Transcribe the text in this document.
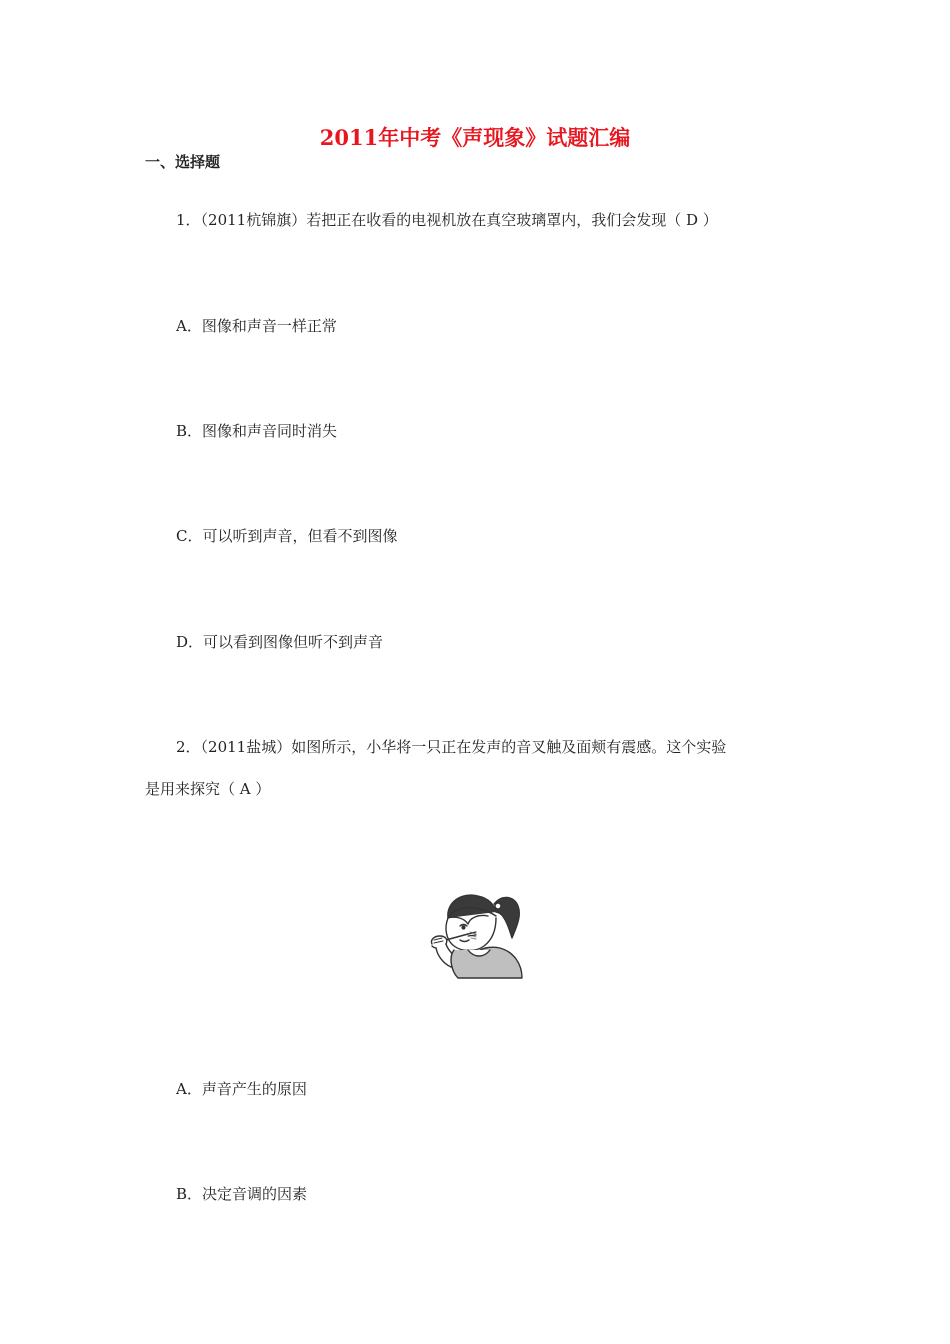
2011年中考《声现象》试题汇编
一、选择题
1．（2011杭锦旗）若把正在收看的电视机放在真空玻璃罩内，我们会发现（ D ）
A．图像和声音一样正常
B．图像和声音同时消失
C．可以听到声音，但看不到图像
D．可以看到图像但听不到声音
2．（2011盐城）如图所示，小华将一只正在发声的音叉触及面颊有震感。这个实验
是用来探究（ A ）
A．声音产生的原因
B．决定音调的因素
